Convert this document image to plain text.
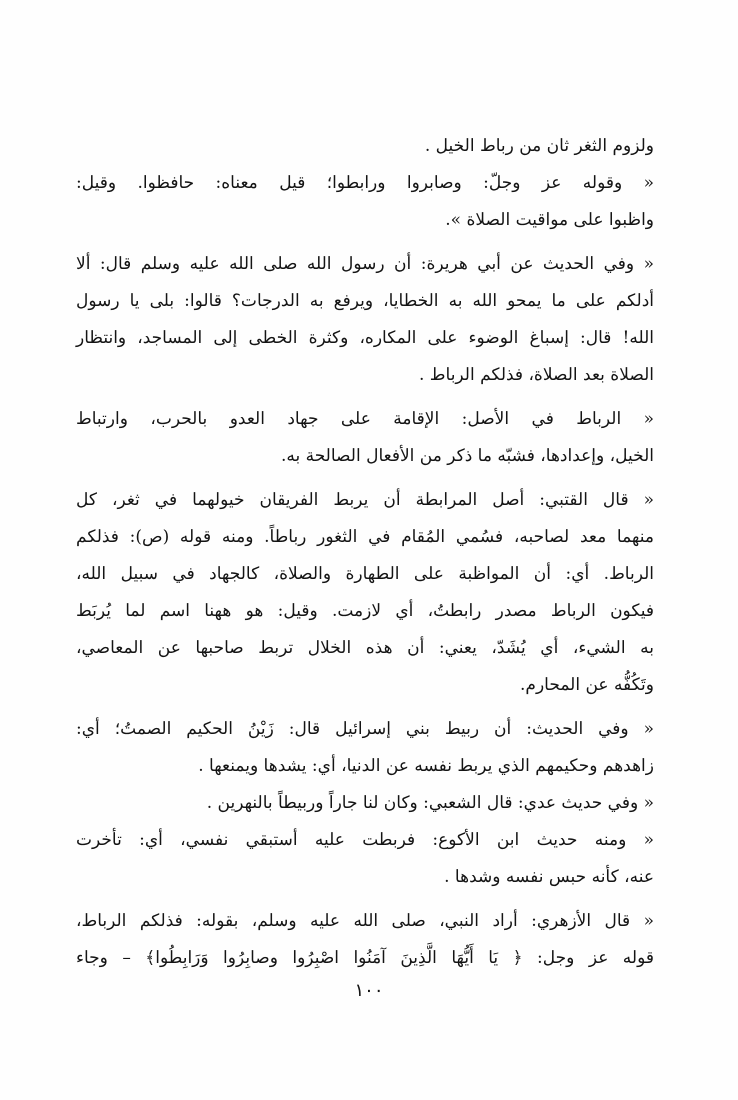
ولزوم الثغر ثان من رباط الخيل .

« وقوله عز وجلّ: وصابروا ورابطوا؛ قيل معناه: حافظوا. وقيل:
واظبوا على مواقيت الصلاة ».

« وفي الحديث عن أبي هريرة: أن رسول الله صلى الله عليه وسلم قال: ألا
أدلكم على ما يمحو الله به الخطايا، ويرفع به الدرجات؟ قالوا: بلى يا رسول
الله! قال: إسباغ الوضوء على المكاره، وكثرة الخطى إلى المساجد، وانتظار
الصلاة بعد الصلاة، فذلكم الرباط .

« الرباط في الأصل: الإقامة على جهاد العدو بالحرب، وارتباط
الخيل، وإعدادها، فشبّه ما ذكر من الأفعال الصالحة به.

« قال القتبي: أصل المرابطة أن يربط الفريقان خيولهما في ثغر، كل
منهما معد لصاحبه، فسُمي المُقام في الثغور رباطاً. ومنه قوله (ص): فذلكم
الرباط. أي: أن المواظبة على الطهارة والصلاة، كالجهاد في سبيل الله،
فيكون الرباط مصدر رابطتُ، أي لازمت. وقيل: هو ههنا اسم لما يُربَط
به الشيء، أي يُشَدّ، يعني: أن هذه الخلال تربط صاحبها عن المعاصي،
وتَكُفُّه عن المحارم.

« وفي الحديث: أن ربيط بني إسرائيل قال: زَيْنُ الحكيم الصمتُ؛ أي:
زاهدهم وحكيمهم الذي يربط نفسه عن الدنيا، أي: يشدها ويمنعها .

« وفي حديث عدي: قال الشعبي: وكان لنا جاراً وربيطاً بالنهرين .

« ومنه حديث ابن الأكوع: فربطت عليه أستبقي نفسي، أي: تأخرت
عنه، كأنه حبس نفسه وشدها .

« قال الأزهري: أراد النبي، صلى الله عليه وسلم، بقوله: فذلكم الرباط،
قوله عز وجل: ﴿ يَا أَيُّهَا الَّذِينَ آمَنُوا اصْبِرُوا وصابِرُوا وَرَابِطُوا﴾ – وجاء

١٠٠
